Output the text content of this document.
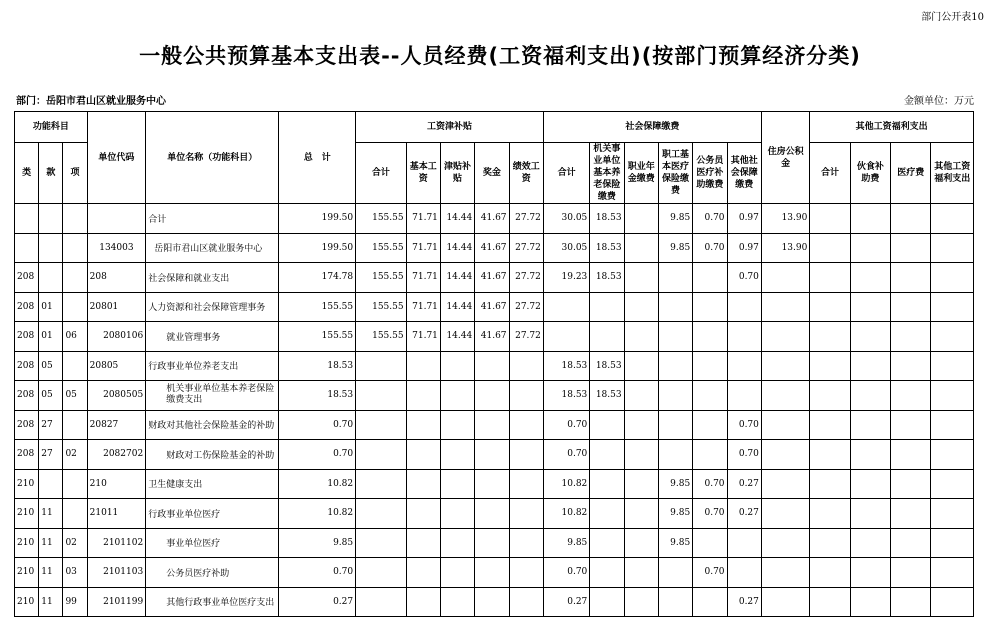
部门公开表10
一般公共预算基本支出表--人员经费(工资福利支出)(按部门预算经济分类)
部门：岳阳市君山区就业服务中心	金额单位：万元
功能科目			单位代码	单位名称（功能科目）	总　计	工资津补贴					社会保障缴费						住房公积金	其他工资福利支出			
类	款	项				合计	基本工资	津贴补贴	奖金	绩效工资	合计	机关事业单位基本养老保险缴费	职业年金缴费	职工基本医疗保险缴费	公务员医疗补助缴费	其他社会保障缴费		合计	伙食补助费	医疗费	其他工资福利支出
				合计	199.50	155.55	71.71	14.44	41.67	27.72	30.05	18.53		9.85	0.70	0.97	13.90				
			134003	岳阳市君山区就业服务中心	199.50	155.55	71.71	14.44	41.67	27.72	30.05	18.53		9.85	0.70	0.97	13.90				
208			208	社会保障和就业支出	174.78	155.55	71.71	14.44	41.67	27.72	19.23	18.53				0.70					
208	01		20801	人力资源和社会保障管理事务	155.55	155.55	71.71	14.44	41.67	27.72											
208	01	06	2080106	就业管理事务	155.55	155.55	71.71	14.44	41.67	27.72											
208	05		20805	行政事业单位养老支出	18.53						18.53	18.53									
208	05	05	2080505	机关事业单位基本养老保险缴费支出	18.53						18.53	18.53									
208	27		20827	财政对其他社会保险基金的补助	0.70						0.70					0.70					
208	27	02	2082702	财政对工伤保险基金的补助	0.70						0.70					0.70					
210			210	卫生健康支出	10.82						10.82			9.85	0.70	0.27					
210	11		21011	行政事业单位医疗	10.82						10.82			9.85	0.70	0.27					
210	11	02	2101102	事业单位医疗	9.85						9.85			9.85							
210	11	03	2101103	公务员医疗补助	0.70						0.70				0.70						
210	11	99	2101199	其他行政事业单位医疗支出	0.27						0.27					0.27					
